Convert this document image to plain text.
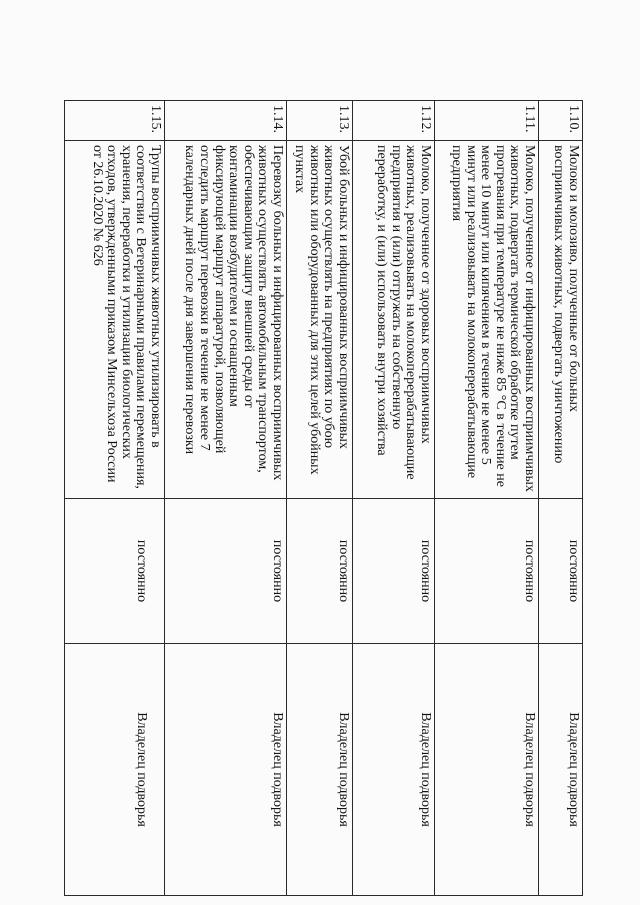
1.10.	Молоко и молозиво, полученные от больных восприимчивых животных, подвергать уничтожению	постоянно	Владелец подворья
1.11.	Молоко, полученное от инфицированных восприимчивых животных, подвергать термической обработке путем прогревания при температуре не ниже 85 °С в течение не менее 10 минут или кипячением в течение не менее 5 минут или реализовывать на молокоперерабатывающие предприятия	постоянно	Владелец подворья
1.12.	Молоко, полученное от здоровых восприимчивых животных, реализовывать на молокоперерабатывающие предприятия и (или) отгружать на собственную переработку, и (или) использовать внутри хозяйства	постоянно	Владелец подворья
1.13.	Убой больных и инфицированных восприимчивых животных осуществлять на предприятиях по убою животных или оборудованных для этих целей убойных пунктах	постоянно	Владелец подворья
1.14.	Перевозку больных и инфицированных восприимчивых животных осуществлять автомобильным транспортом, обеспечивающим защиту внешней среды от контаминации возбудителем и оснащенным фиксирующей маршрут аппаратурой, позволяющей отследить маршрут перевозки в течение не менее 7 календарных дней после дня завершения перевозки	постоянно	Владелец подворья
1.15.	Трупы восприимчивых животных утилизировать в соответствии с Ветеринарными правилами перемещения, хранения, переработки и утилизации биологических отходов, утвержденными приказом Минсельхоза России от 26.10.2020 № 626	постоянно	Владелец подворья
